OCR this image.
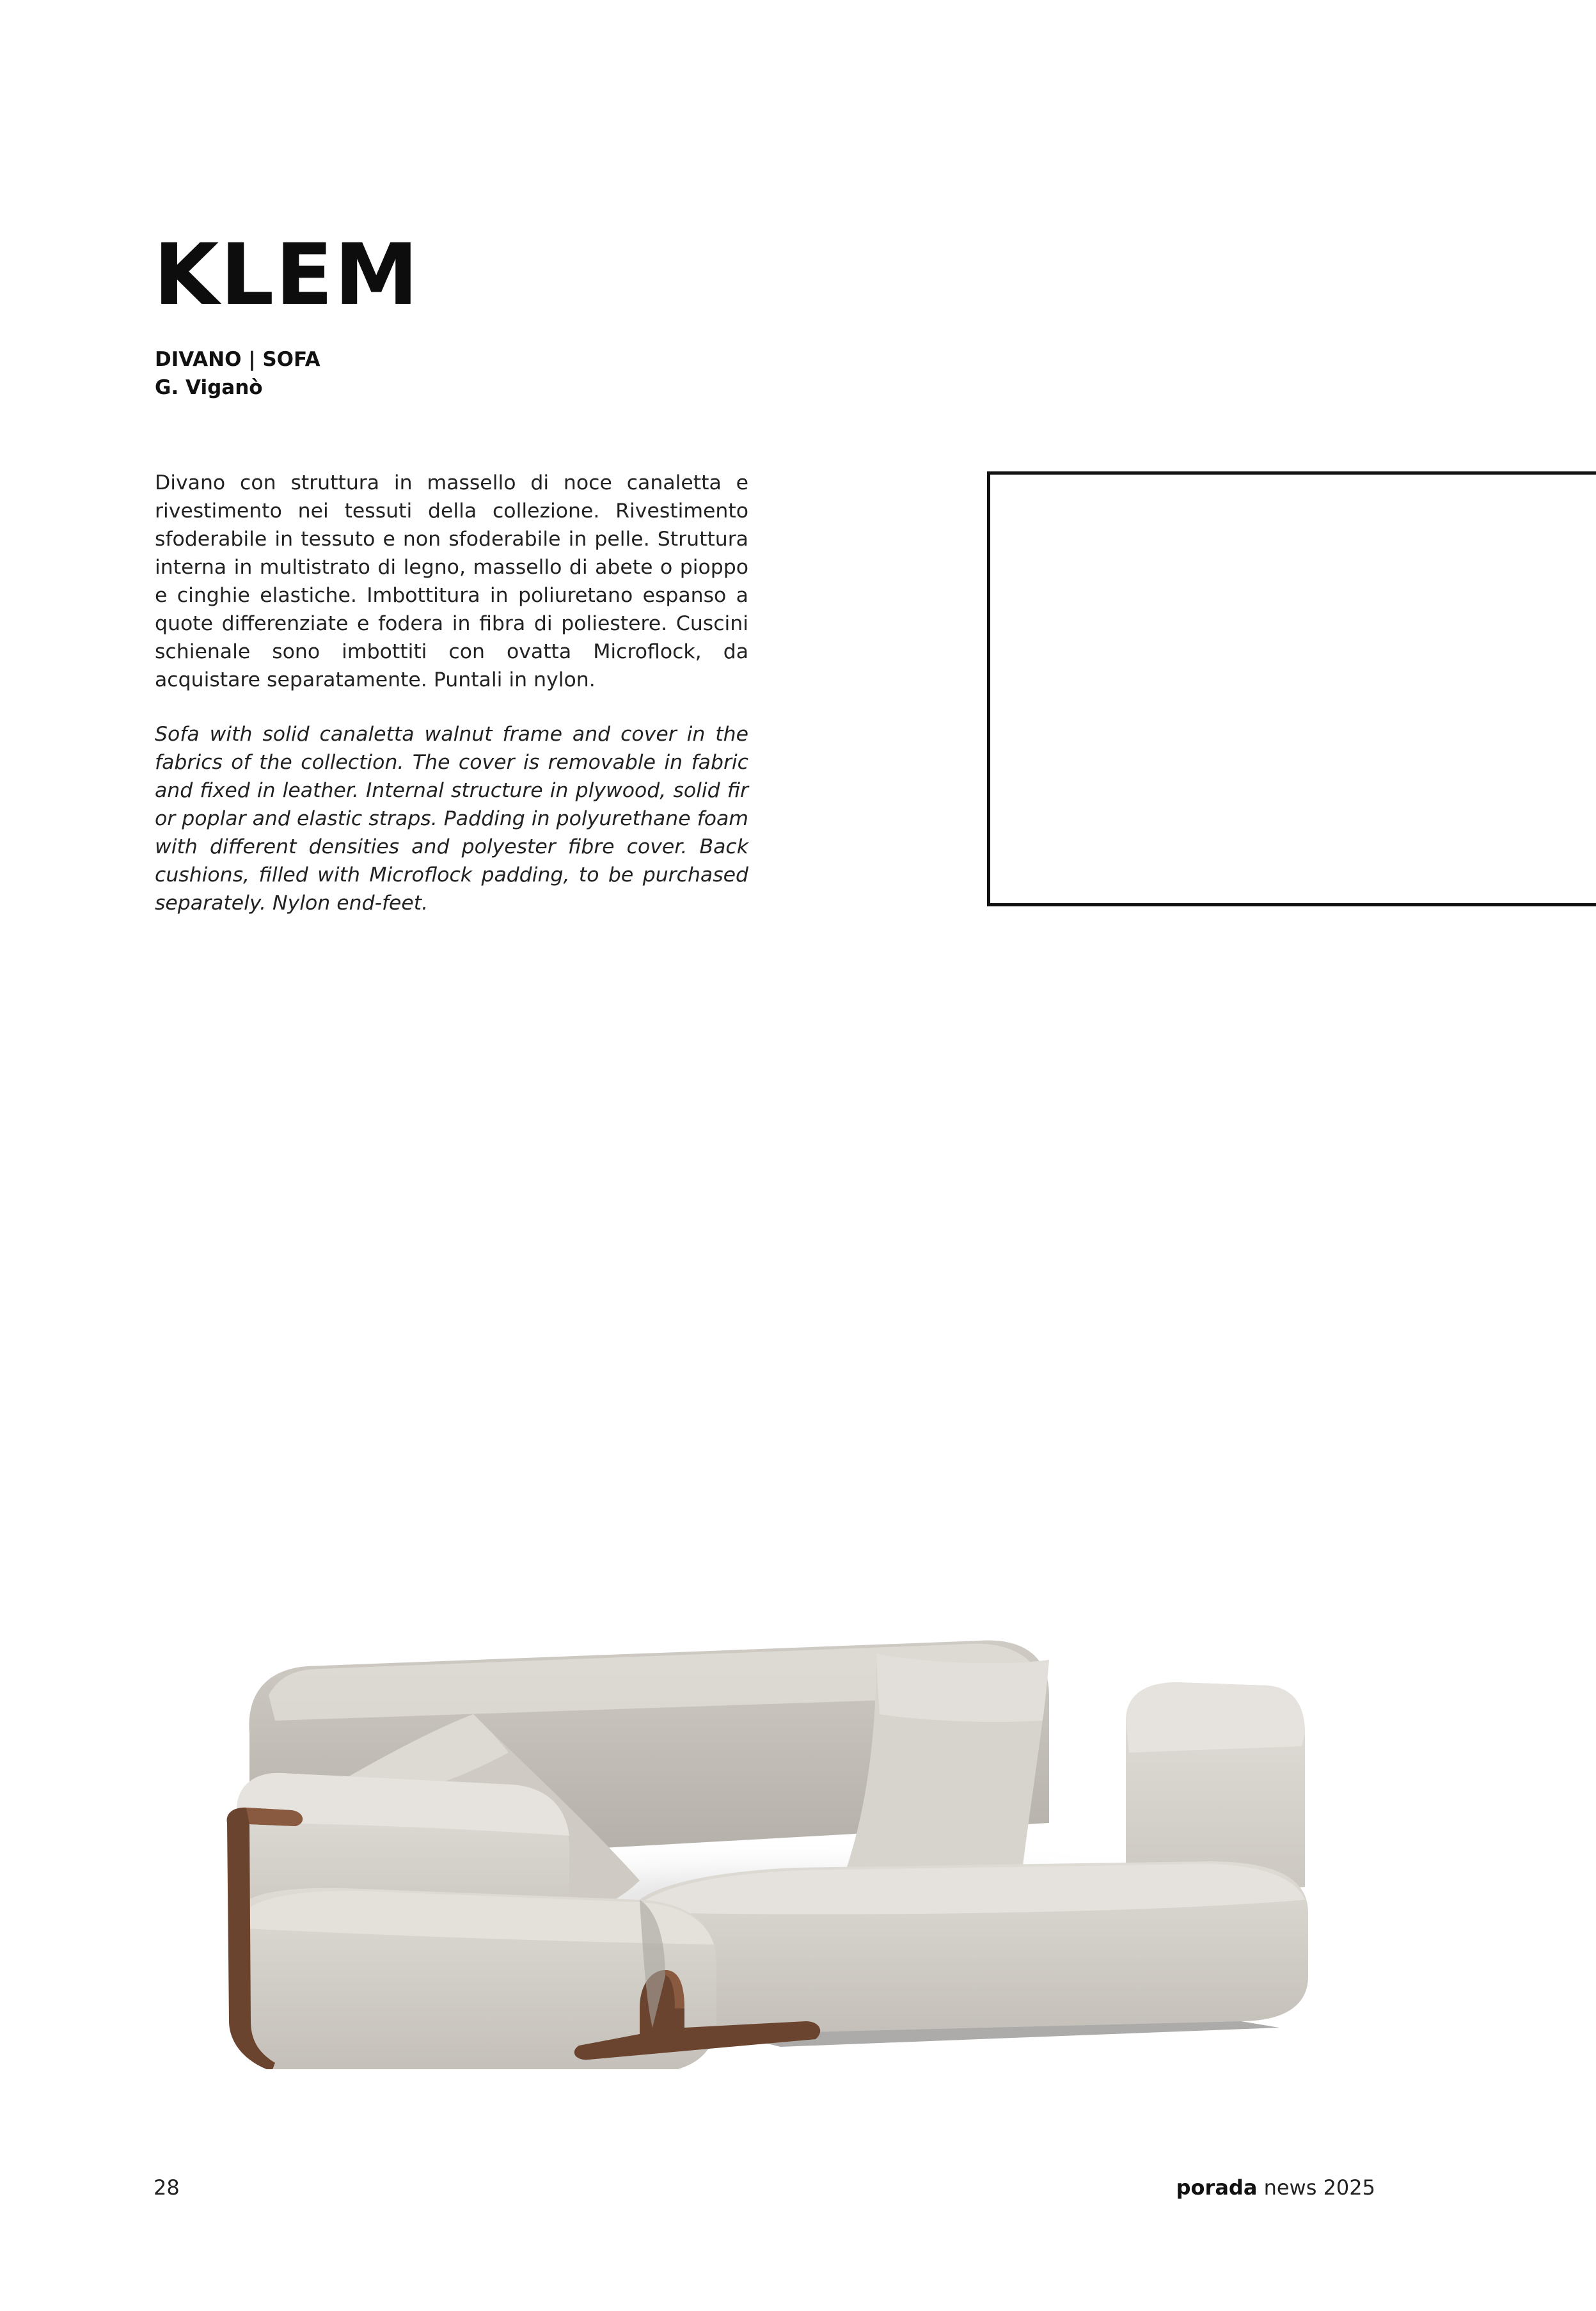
KLEM
DIVANO | SOFA
G. Viganò

Divano con struttura in massello di noce canaletta e rivestimento nei tessuti della collezione. Rivestimento sfoderabile in tessuto e non sfoderabile in pelle. Struttura interna in multistrato di legno, massello di abete o pioppo e cinghie elastiche. Imbottitura in poliuretano espanso a quote differenziate e fodera in fibra di poliestere. Cuscini schienale sono imbottiti con ovatta Microflock, da acquistare separatamente. Puntali in nylon.

Sofa with solid canaletta walnut frame and cover in the fabrics of the collection. The cover is removable in fabric and fixed in leather. Internal structure in plywood, solid fir or poplar and elastic straps. Padding in polyurethane foam with different densities and polyester fibre cover. Back cushions, filled with Microflock padding, to be purchased separately. Nylon end-feet.

28	porada news 2025
